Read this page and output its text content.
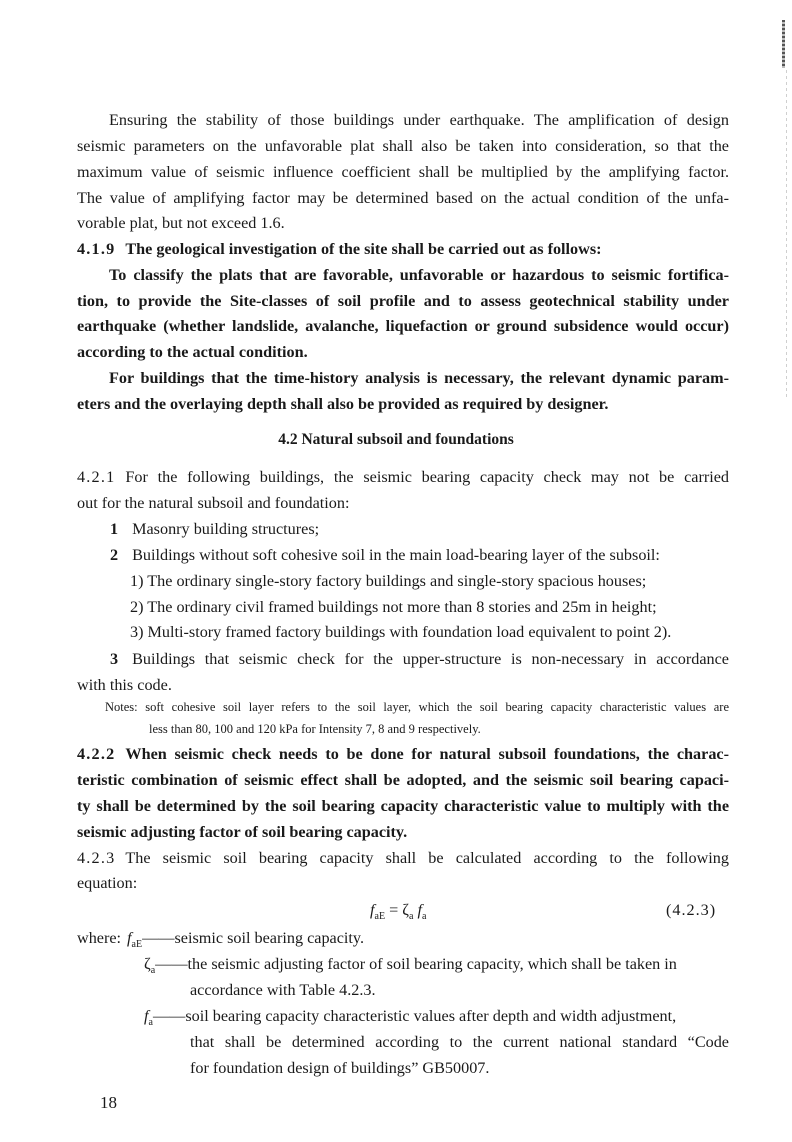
Ensuring the stability of those buildings under earthquake. The amplification of design
seismic parameters on the unfavorable plat shall also be taken into consideration, so that the
maximum value of seismic influence coefficient shall be multiplied by the amplifying factor.
The value of amplifying factor may be determined based on the actual condition of the unfa-
vorable plat, but not exceed 1.6.
4.1.9 The geological investigation of the site shall be carried out as follows:
To classify the plats that are favorable, unfavorable or hazardous to seismic fortifica-
tion, to provide the Site-classes of soil profile and to assess geotechnical stability under
earthquake (whether landslide, avalanche, liquefaction or ground subsidence would occur)
according to the actual condition.
For buildings that the time-history analysis is necessary, the relevant dynamic param-
eters and the overlaying depth shall also be provided as required by designer.
4.2 Natural subsoil and foundations
4.2.1 For the following buildings, the seismic bearing capacity check may not be carried
out for the natural subsoil and foundation:
1 Masonry building structures;
2 Buildings without soft cohesive soil in the main load-bearing layer of the subsoil:
1) The ordinary single-story factory buildings and single-story spacious houses;
2) The ordinary civil framed buildings not more than 8 stories and 25m in height;
3) Multi-story framed factory buildings with foundation load equivalent to point 2).
3 Buildings that seismic check for the upper-structure is non-necessary in accordance
with this code.
Notes: soft cohesive soil layer refers to the soil layer, which the soil bearing capacity characteristic values are
less than 80, 100 and 120 kPa for Intensity 7, 8 and 9 respectively.
4.2.2 When seismic check needs to be done for natural subsoil foundations, the charac-
teristic combination of seismic effect shall be adopted, and the seismic soil bearing capaci-
ty shall be determined by the soil bearing capacity characteristic value to multiply with the
seismic adjusting factor of soil bearing capacity.
4.2.3 The seismic soil bearing capacity shall be calculated according to the following
equation:
$f_{aE} = \zeta_a$ $f_a$	(4.2.3)
where: $f_{aE}——seismic$ soil bearing capacity.
$\zeta_a——the$ seismic adjusting factor of soil bearing capacity, which shall be taken in
accordance with Table 4.2.3.
$f_a——soil$ bearing capacity characteristic values after depth and width adjustment,
that shall be determined according to the current national standard “Code
for foundation design of buildings” GB50007.
18
